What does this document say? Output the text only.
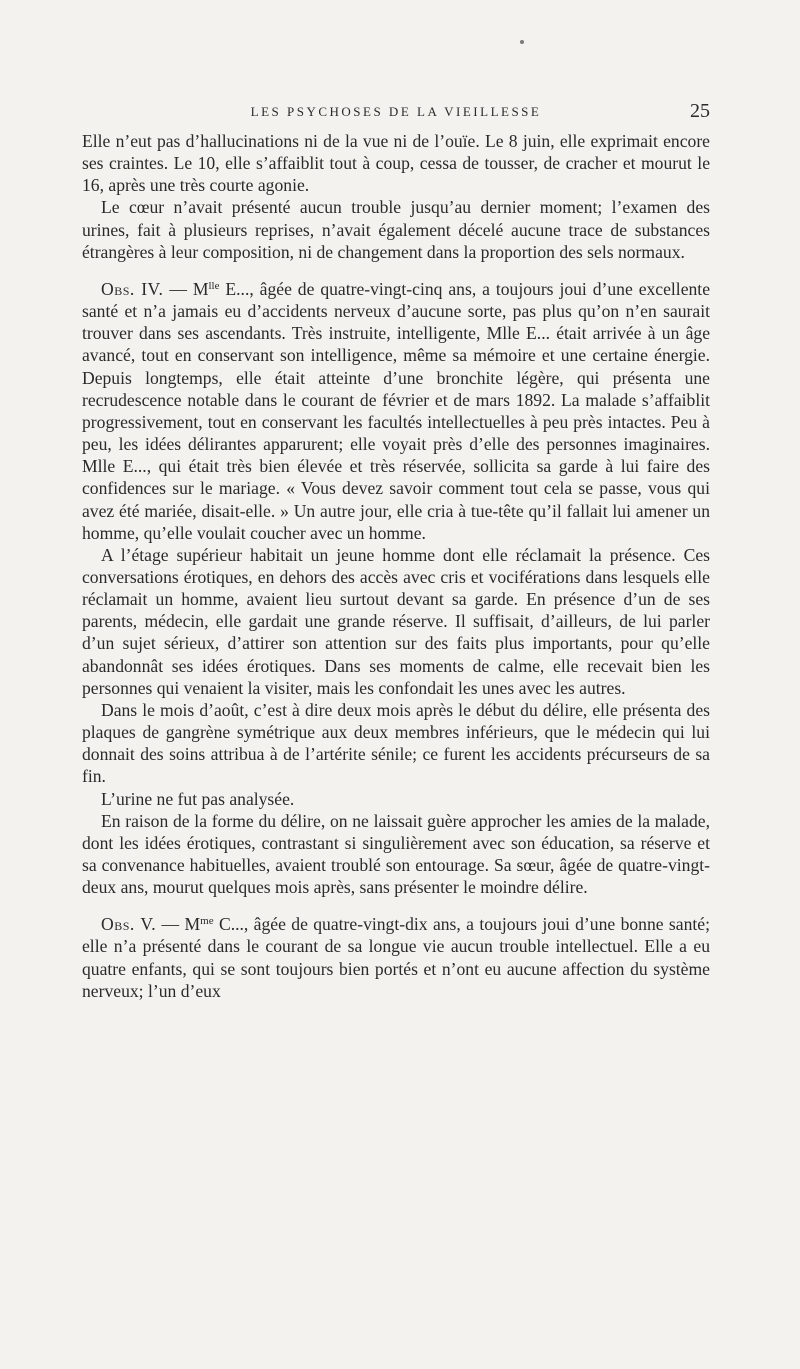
LES PSYCHOSES DE LA VIEILLESSE	25

Elle n’eut pas d’hallucinations ni de la vue ni de l’ouïe. Le 8 juin, elle exprimait encore ses craintes. Le 10, elle s’affaiblit tout à coup, cessa de tousser, de cracher et mourut le 16, après une très courte agonie.

Le cœur n’avait présenté aucun trouble jusqu’au dernier moment; l’examen des urines, fait à plusieurs reprises, n’avait également décelé aucune trace de substances étrangères à leur composition, ni de changement dans la proportion des sels normaux.

Obs. IV. — $M^{lle}$ E..., âgée de quatre-vingt-cinq ans, a toujours joui d’une excellente santé et n’a jamais eu d’accidents nerveux d’aucune sorte, pas plus qu’on n’en saurait trouver dans ses ascendants. Très instruite, intelligente, Mlle E... était arrivée à un âge avancé, tout en conservant son intelligence, même sa mémoire et une certaine énergie. Depuis longtemps, elle était atteinte d’une bronchite légère, qui présenta une recrudescence notable dans le courant de février et de mars 1892. La malade s’affaiblit progressivement, tout en conservant les facultés intellectuelles à peu près intactes. Peu à peu, les idées délirantes apparurent; elle voyait près d’elle des personnes imaginaires. Mlle E..., qui était très bien élevée et très réservée, sollicita sa garde à lui faire des confidences sur le mariage. « Vous devez savoir comment tout cela se passe, vous qui avez été mariée, disait-elle. » Un autre jour, elle cria à tue-tête qu’il fallait lui amener un homme, qu’elle voulait coucher avec un homme.

A l’étage supérieur habitait un jeune homme dont elle réclamait la présence. Ces conversations érotiques, en dehors des accès avec cris et vociférations dans lesquels elle réclamait un homme, avaient lieu surtout devant sa garde. En présence d’un de ses parents, médecin, elle gardait une grande réserve. Il suffisait, d’ailleurs, de lui parler d’un sujet sérieux, d’attirer son attention sur des faits plus importants, pour qu’elle abandonnât ses idées érotiques. Dans ses moments de calme, elle recevait bien les personnes qui venaient la visiter, mais les confondait les unes avec les autres.

Dans le mois d’août, c’est à dire deux mois après le début du délire, elle présenta des plaques de gangrène symétrique aux deux membres inférieurs, que le médecin qui lui donnait des soins attribua à de l’artérite sénile; ce furent les accidents précurseurs de sa fin.

L’urine ne fut pas analysée.

En raison de la forme du délire, on ne laissait guère approcher les amies de la malade, dont les idées érotiques, contrastant si singulièrement avec son éducation, sa réserve et sa convenance habituelles, avaient troublé son entourage. Sa sœur, âgée de quatre-vingt-deux ans, mourut quelques mois après, sans présenter le moindre délire.

Obs. V. — $M^{me}$ C..., âgée de quatre-vingt-dix ans, a toujours joui d’une bonne santé; elle n’a présenté dans le courant de sa longue vie aucun trouble intellectuel. Elle a eu quatre enfants, qui se sont toujours bien portés et n’ont eu aucune affection du système nerveux; l’un d’eux
